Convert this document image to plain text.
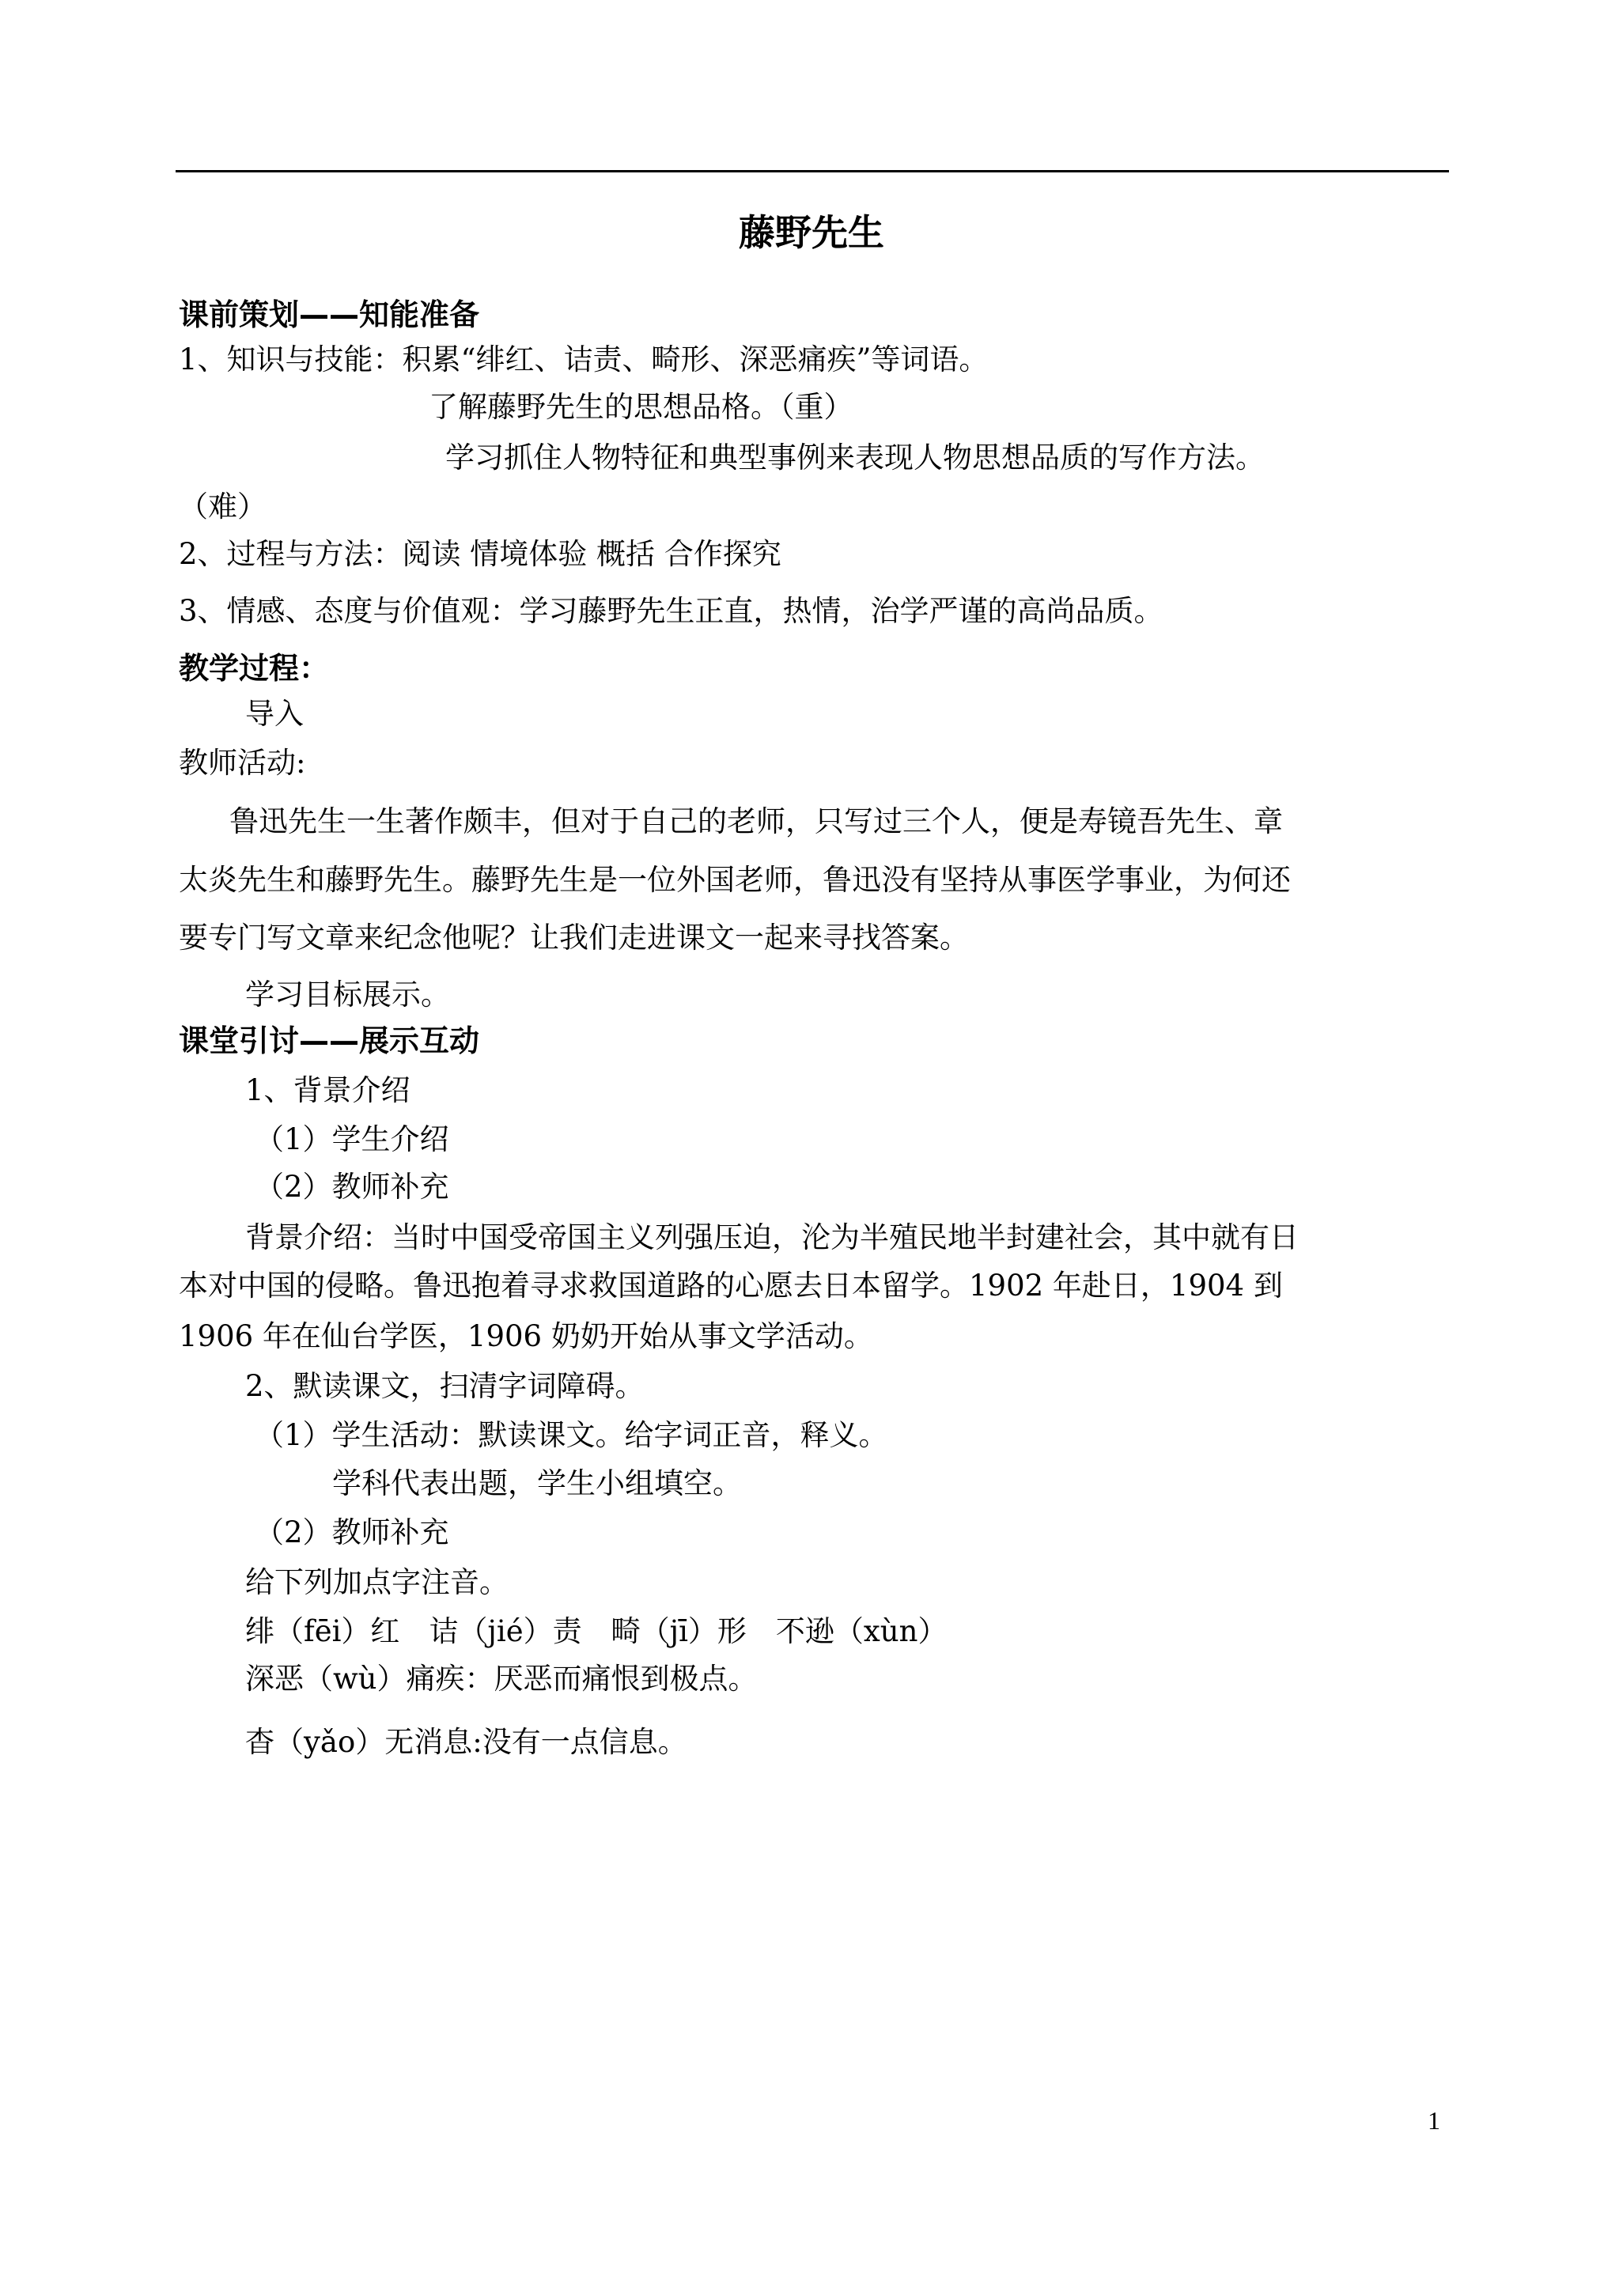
藤野先生
课前策划——知能准备
1、知识与技能：积累“绯红、诘责、畸形、深恶痛疾”等词语。
了解藤野先生的思想品格。（重）
学习抓住人物特征和典型事例来表现人物思想品质的写作方法。
（难）
2、过程与方法：阅读 情境体验 概括 合作探究
3、情感、态度与价值观：学习藤野先生正直，热情，治学严谨的高尚品质。
教学过程：
导入
教师活动:
鲁迅先生一生著作颇丰，但对于自己的老师，只写过三个人，便是寿镜吾先生、章
太炎先生和藤野先生。藤野先生是一位外国老师，鲁迅没有坚持从事医学事业，为何还
要专门写文章来纪念他呢？让我们走进课文一起来寻找答案。
学习目标展示。
课堂引讨——展示互动
1、背景介绍
（1）学生介绍
（2）教师补充
背景介绍：当时中国受帝国主义列强压迫，沦为半殖民地半封建社会，其中就有日
本对中国的侵略。鲁迅抱着寻求救国道路的心愿去日本留学。1902 年赴日，1904 到
1906 年在仙台学医，1906 奶奶开始从事文学活动。
2、默读课文，扫清字词障碍。
（1）学生活动：默读课文。给字词正音，释义。
学科代表出题，学生小组填空。
（2）教师补充
给下列加点字注音。
绯（fēi）红　诘（jié）责　畸（jī）形　不逊（xùn）
深恶（wù）痛疾：厌恶而痛恨到极点。
杳（yǎo）无消息:没有一点信息。
1
